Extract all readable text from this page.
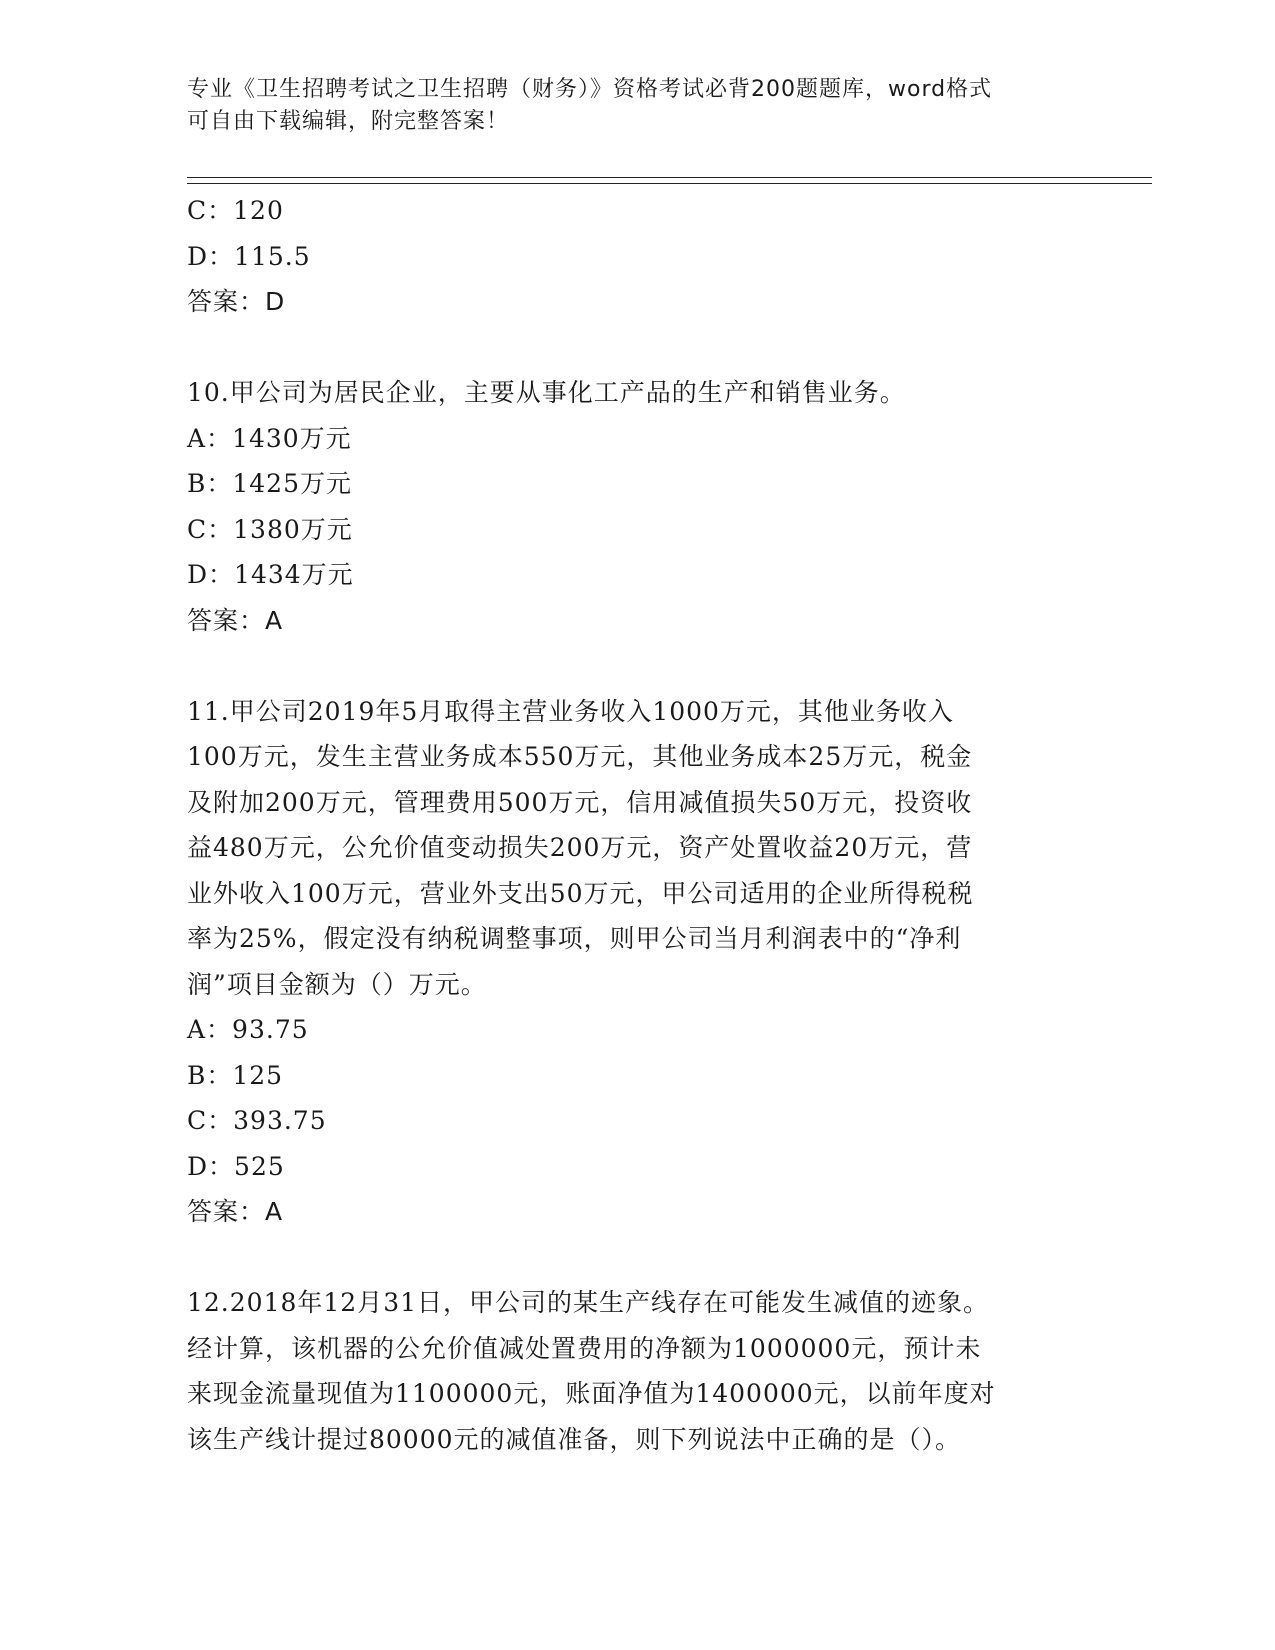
专业《卫生招聘考试之卫生招聘（财务）》资格考试必背200题题库，word格式
可自由下载编辑，附完整答案！
C：120
D：115.5
答案：D
10.甲公司为居民企业，主要从事化工产品的生产和销售业务。
A：1430万元
B：1425万元
C：1380万元
D：1434万元
答案：A
11.甲公司2019年5月取得主营业务收入1000万元，其他业务收入
100万元，发生主营业务成本550万元，其他业务成本25万元，税金
及附加200万元，管理费用500万元，信用减值损失50万元，投资收
益480万元，公允价值变动损失200万元，资产处置收益20万元，营
业外收入100万元，营业外支出50万元，甲公司适用的企业所得税税
率为25%，假定没有纳税调整事项，则甲公司当月利润表中的“净利
润”项目金额为（）万元。
A：93.75
B：125
C：393.75
D：525
答案：A
12.2018年12月31日，甲公司的某生产线存在可能发生减值的迹象。
经计算，该机器的公允价值减处置费用的净额为1000000元，预计未
来现金流量现值为1100000元，账面净值为1400000元，以前年度对
该生产线计提过80000元的减值准备，则下列说法中正确的是（）。
